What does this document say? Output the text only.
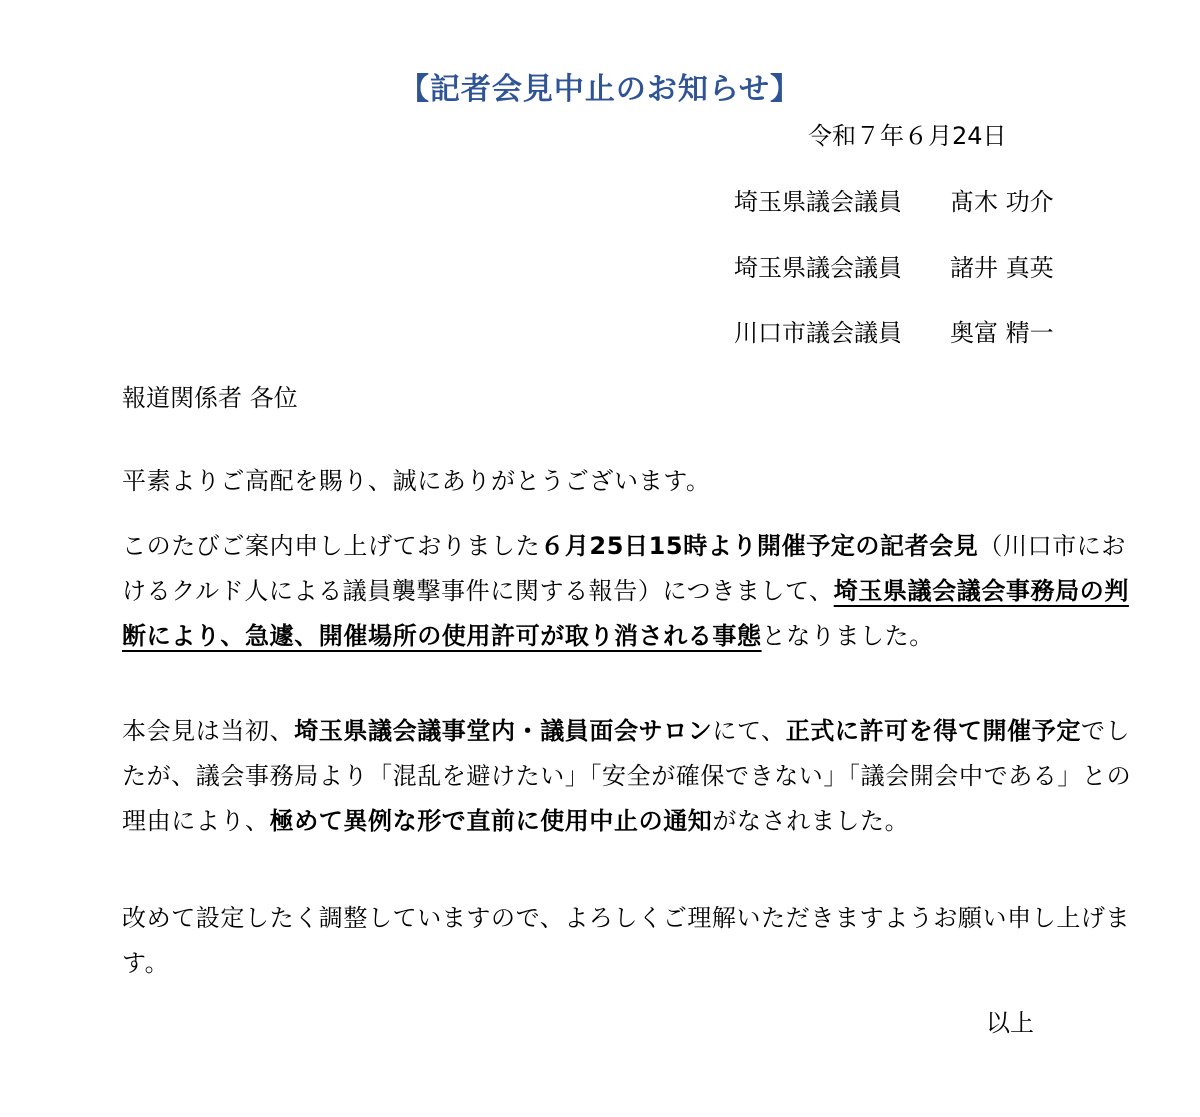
【記者会見中止のお知らせ】
令和７年６月24日
埼玉県議会議員 髙木 功介
埼玉県議会議員 諸井 真英
川口市議会議員 奥富 精一
報道関係者 各位
平素よりご高配を賜り、誠にありがとうございます。
このたびご案内申し上げておりました６月25日15時より開催予定の記者会見（川口市におけるクルド人による議員襲撃事件に関する報告）につきまして、埼玉県議会議会事務局の判断により、急遽、開催場所の使用許可が取り消される事態となりました。
本会見は当初、埼玉県議会議事堂内・議員面会サロンにて、正式に許可を得て開催予定でしたが、議会事務局より「混乱を避けたい」「安全が確保できない」「議会開会中である」との理由により、極めて異例な形で直前に使用中止の通知がなされました。
改めて設定したく調整していますので、よろしくご理解いただきますようお願い申し上げます。
以上
